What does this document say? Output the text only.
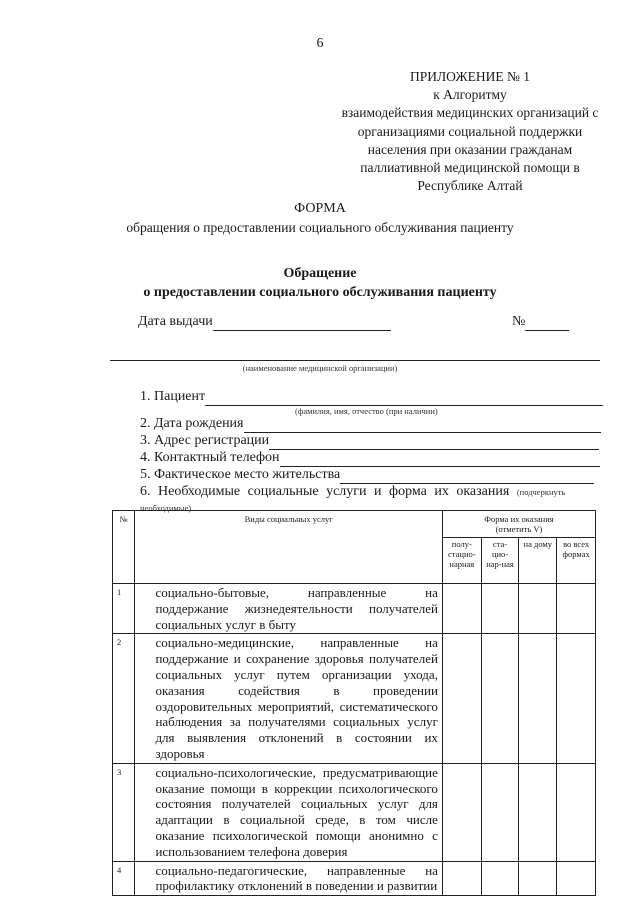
6
ПРИЛОЖЕНИЕ № 1
к Алгоритму
взаимодействия медицинских организаций с
организациями социальной поддержки
населения при оказании гражданам
паллиативной медицинской помощи в
Республике Алтай
ФОРМА
обращения о предоставлении социального обслуживания пациенту
Обращение
о предоставлении социального обслуживания пациенту
Дата выдачи	№
(наименование медицинской организации)
1. Пациент
(фамилия, имя, отчество (при наличии)
2. Дата рождения
3. Адрес регистрации
4. Контактный телефон
5. Фактическое место жительства
6. Необходимые социальные услуги и форма их оказания (подчеркнуть необходимые)
№	Виды социальных услуг	Форма их оказания
(отметить V)			

		полу-стацио-нарная	ста-цио-нар-ная	на дому	во всех формах
1	социально-бытовые, направленные на поддержание жизнедеятельности получателей социальных услуг в быту				

2	социально-медицинские, направленные на поддержание и сохранение здоровья получателей социальных услуг путем организации ухода, оказания содействия в проведении оздоровительных мероприятий, систематического наблюдения за получателями социальных услуг для выявления отклонений в состоянии их здоровья				

3	социально-психологические, предусматривающие оказание помощи в коррекции психологического состояния получателей социальных услуг для адаптации в социальной среде, в том числе оказание психологической помощи анонимно с использованием телефона доверия				

4	социально-педагогические, направленные на профилактику отклонений в поведении и развитии				
